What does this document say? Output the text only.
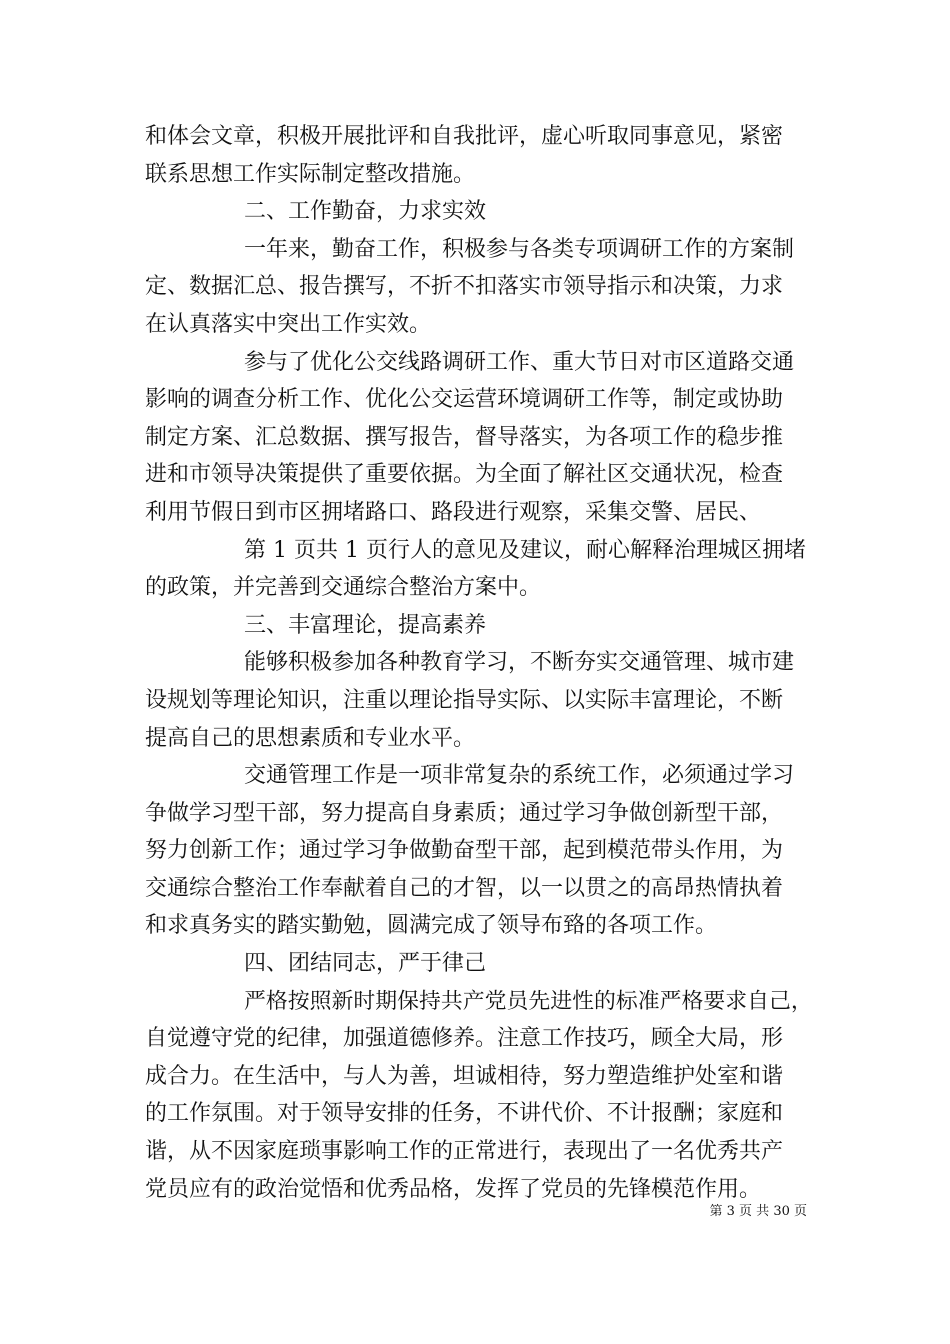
和体会文章，积极开展批评和自我批评，虚心听取同事意见，紧密
联系思想工作实际制定整改措施。
二、工作勤奋，力求实效
一年来，勤奋工作，积极参与各类专项调研工作的方案制
定、数据汇总、报告撰写，不折不扣落实市领导指示和决策，力求
在认真落实中突出工作实效。
参与了优化公交线路调研工作、重大节日对市区道路交通
影响的调查分析工作、优化公交运营环境调研工作等，制定或协助
制定方案、汇总数据、撰写报告，督导落实，为各项工作的稳步推
进和市领导决策提供了重要依据。为全面了解社区交通状况，检查
利用节假日到市区拥堵路口、路段进行观察，采集交警、居民、
第 1 页共 1 页行人的意见及建议，耐心解释治理城区拥堵
的政策，并完善到交通综合整治方案中。
三、丰富理论，提高素养
能够积极参加各种教育学习，不断夯实交通管理、城市建
设规划等理论知识，注重以理论指导实际、以实际丰富理论，不断
提高自己的思想素质和专业水平。
交通管理工作是一项非常复杂的系统工作，必须通过学习
争做学习型干部，努力提高自身素质；通过学习争做创新型干部，
努力创新工作；通过学习争做勤奋型干部，起到模范带头作用，为
交通综合整治工作奉献着自己的才智，以一以贯之的高昂热情执着
和求真务实的踏实勤勉，圆满完成了领导布臵的各项工作。
四、团结同志，严于律己
严格按照新时期保持共产党员先进性的标准严格要求自己，
自觉遵守党的纪律，加强道德修养。注意工作技巧，顾全大局，形
成合力。在生活中，与人为善，坦诚相待，努力塑造维护处室和谐
的工作氛围。对于领导安排的任务，不讲代价、不计报酬；家庭和
谐，从不因家庭琐事影响工作的正常进行，表现出了一名优秀共产
党员应有的政治觉悟和优秀品格，发挥了党员的先锋模范作用。
第 3 页 共 30 页
